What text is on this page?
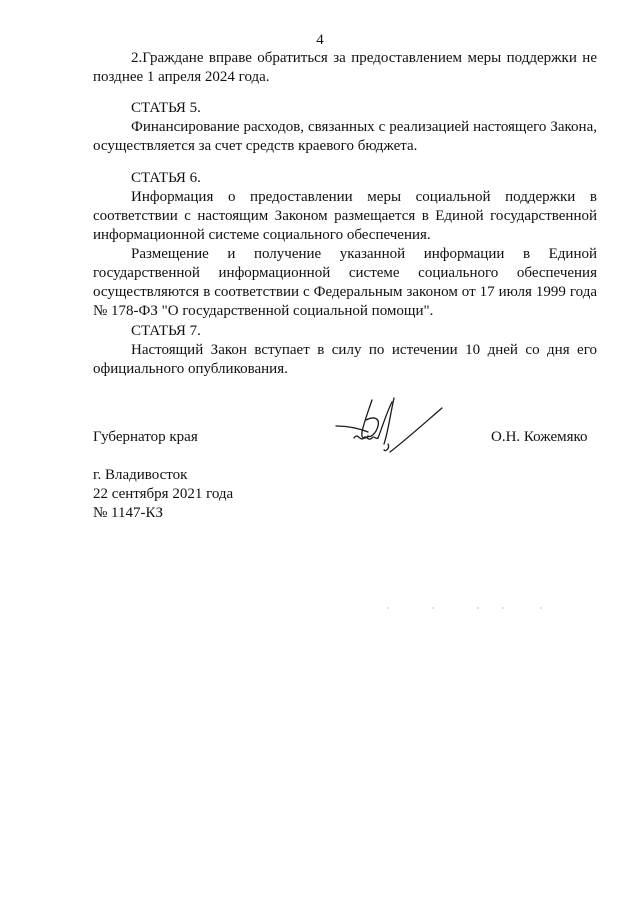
4

2.Граждане вправе обратиться за предоставлением меры поддержки не позднее 1 апреля 2024 года.

СТАТЬЯ 5.

Финансирование расходов, связанных с реализацией настоящего Закона, осуществляется за счет средств краевого бюджета.

СТАТЬЯ 6.

Информация о предоставлении меры социальной поддержки в соответствии с настоящим Законом размещается в Единой государственной информационной системе социального обеспечения.

Размещение и получение указанной информации в Единой государственной информационной системе социального обеспечения осуществляются в соответствии с Федеральным законом от 17 июля 1999 года № 178-ФЗ "О государственной социальной помощи".

СТАТЬЯ 7.

Настоящий Закон вступает в силу по истечении 10 дней со дня его официального опубликования.

Губернатор края	О.Н. Кожемяко
г. Владивосток
22 сентября 2021 года
№ 1147-КЗ
